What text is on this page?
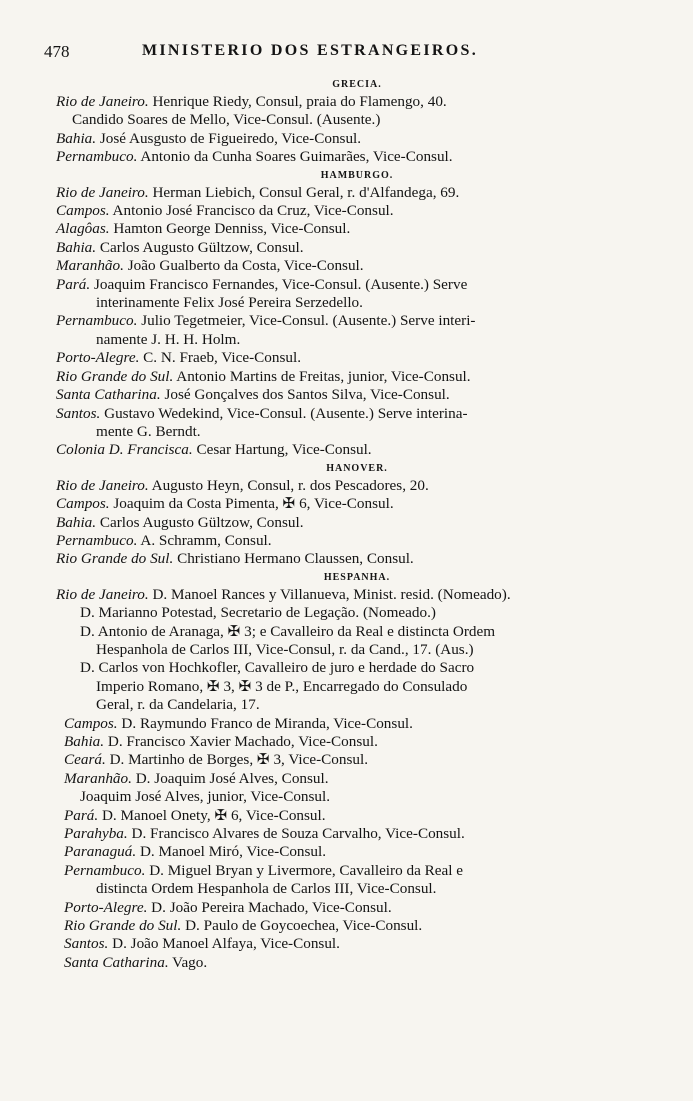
478	MINISTERIO DOS ESTRANGEIROS.
GRECIA.
Rio de Janeiro. Henrique Riedy, Consul, praia do Flamengo, 40.
Candido Soares de Mello, Vice-Consul. (Ausente.)
Bahia. José Ausgusto de Figueiredo, Vice-Consul.
Pernambuco. Antonio da Cunha Soares Guimarães, Vice-Consul.
HAMBURGO.
Rio de Janeiro. Herman Liebich, Consul Geral, r. d'Alfandega, 69.
Campos. Antonio José Francisco da Cruz, Vice-Consul.
Alagôas. Hamton George Denniss, Vice-Consul.
Bahia. Carlos Augusto Gültzow, Consul.
Maranhão. João Gualberto da Costa, Vice-Consul.
Pará. Joaquim Francisco Fernandes, Vice-Consul. (Ausente.) Serve
interinamente Felix José Pereira Serzedello.
Pernambuco. Julio Tegetmeier, Vice-Consul. (Ausente.) Serve interi-
namente J. H. H. Holm.
Porto-Alegre. C. N. Fraeb, Vice-Consul.
Rio Grande do Sul. Antonio Martins de Freitas, junior, Vice-Consul.
Santa Catharina. José Gonçalves dos Santos Silva, Vice-Consul.
Santos. Gustavo Wedekind, Vice-Consul. (Ausente.) Serve interina-
mente G. Berndt.
Colonia D. Francisca. Cesar Hartung, Vice-Consul.
HANOVER.
Rio de Janeiro. Augusto Heyn, Consul, r. dos Pescadores, 20.
Campos. Joaquim da Costa Pimenta, ✠ 6, Vice-Consul.
Bahia. Carlos Augusto Gültzow, Consul.
Pernambuco. A. Schramm, Consul.
Rio Grande do Sul. Christiano Hermano Claussen, Consul.
HESPANHA.
Rio de Janeiro. D. Manoel Rances y Villanueva, Minist. resid. (Nomeado).
D. Marianno Potestad, Secretario de Legação. (Nomeado.)
D. Antonio de Aranaga, ✠ 3; e Cavalleiro da Real e distincta Ordem
Hespanhola de Carlos III, Vice-Consul, r. da Cand., 17. (Aus.)
D. Carlos von Hochkofler, Cavalleiro de juro e herdade do Sacro
Imperio Romano, ✠ 3, ✠ 3 de P., Encarregado do Consulado
Geral, r. da Candelaria, 17.
Campos. D. Raymundo Franco de Miranda, Vice-Consul.
Bahia. D. Francisco Xavier Machado, Vice-Consul.
Ceará. D. Martinho de Borges, ✠ 3, Vice-Consul.
Maranhão. D. Joaquim José Alves, Consul.
Joaquim José Alves, junior, Vice-Consul.
Pará. D. Manoel Onety, ✠ 6, Vice-Consul.
Parahyba. D. Francisco Alvares de Souza Carvalho, Vice-Consul.
Paranaguá. D. Manoel Miró, Vice-Consul.
Pernambuco. D. Miguel Bryan y Livermore, Cavalleiro da Real e
distincta Ordem Hespanhola de Carlos III, Vice-Consul.
Porto-Alegre. D. João Pereira Machado, Vice-Consul.
Rio Grande do Sul. D. Paulo de Goycoechea, Vice-Consul.
Santos. D. João Manoel Alfaya, Vice-Consul.
Santa Catharina. Vago.
